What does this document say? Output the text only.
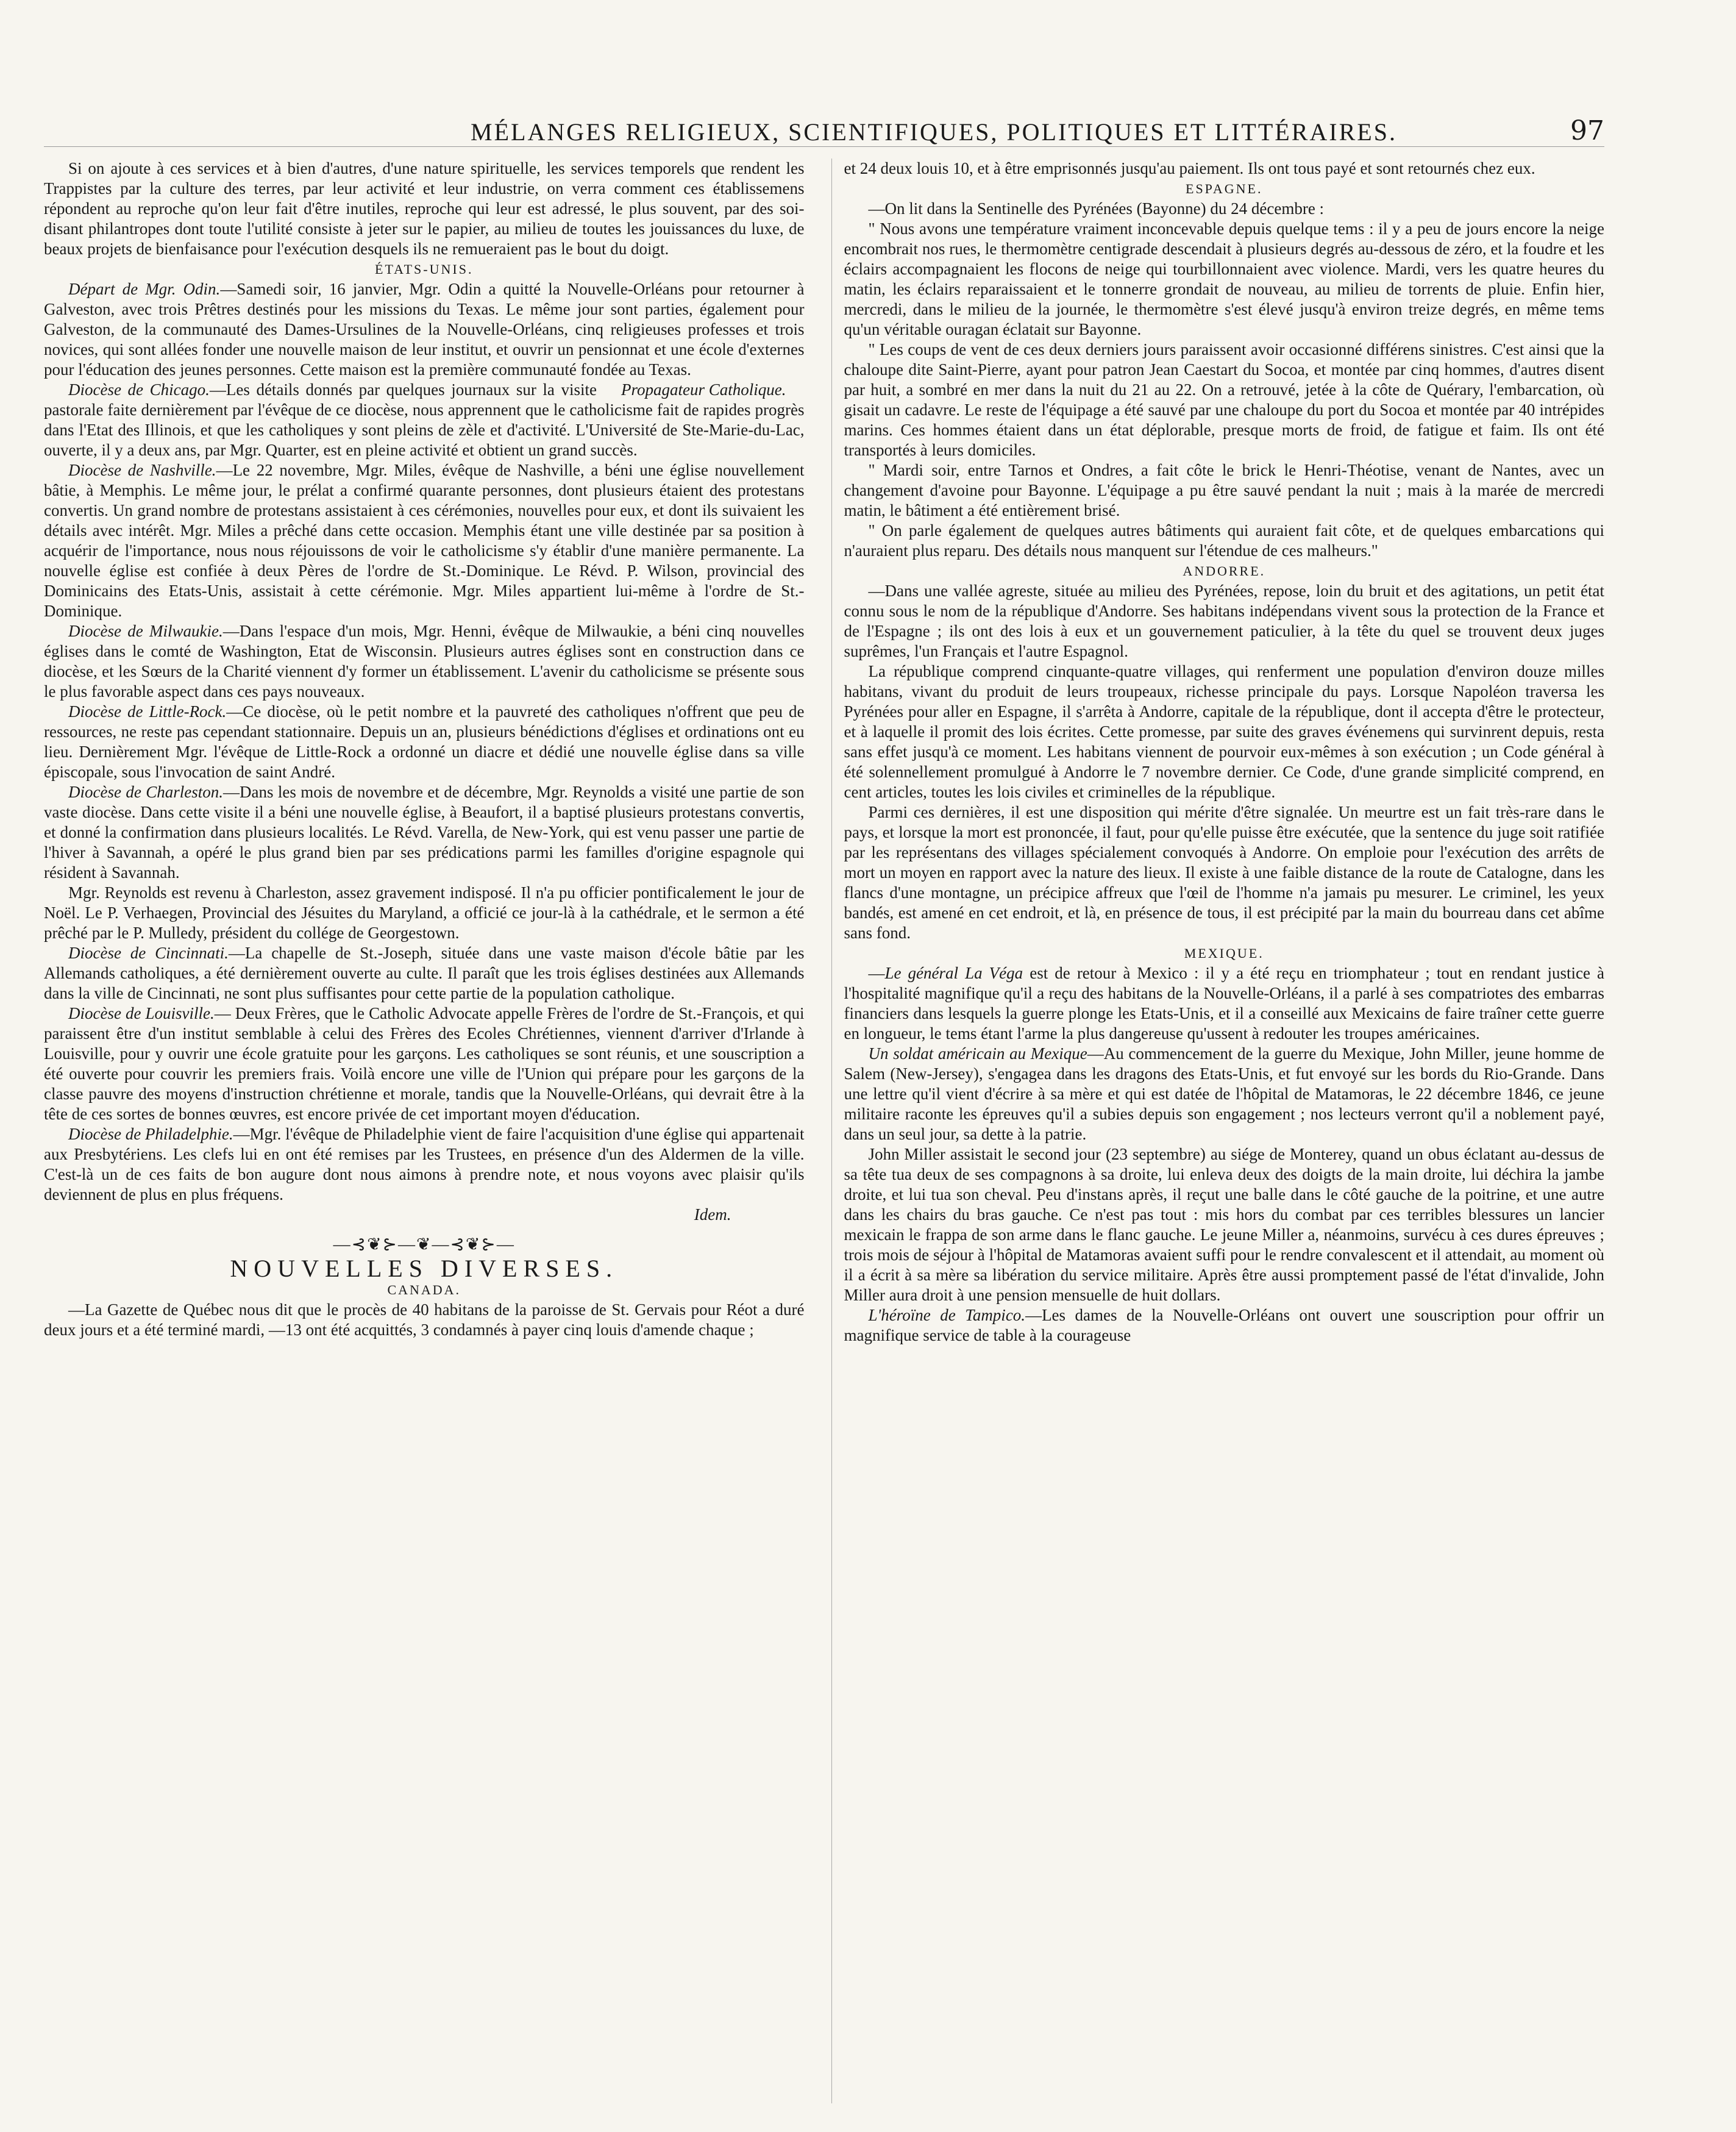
MÉLANGES RELIGIEUX, SCIENTIFIQUES, POLITIQUES ET LITTÉRAIRES.	97

Si on ajoute à ces services et à bien d'autres, d'une nature spirituelle, les services temporels que rendent les Trappistes par la culture des terres, par leur activité et leur industrie, on verra comment ces établissemens répondent au reproche qu'on leur fait d'être inutiles, reproche qui leur est adressé, le plus souvent, par des soi-disant philantropes dont toute l'utilité consiste à jeter sur le papier, au milieu de toutes les jouissances du luxe, de beaux projets de bienfaisance pour l'exécution desquels ils ne remueraient pas le bout du doigt.

ÉTATS-UNIS.

Départ de Mgr. Odin.—Samedi soir, 16 janvier, Mgr. Odin a quitté la Nouvelle-Orléans pour retourner à Galveston, avec trois Prêtres destinés pour les missions du Texas. Le même jour sont parties, également pour Galveston, de la communauté des Dames-Ursulines de la Nouvelle-Orléans, cinq religieuses professes et trois novices, qui sont allées fonder une nouvelle maison de leur institut, et ouvrir un pensionnat et une école d'externes pour l'éducation des jeunes personnes. Cette maison est la première communauté fondée au Texas.
Propagateur Catholique.

Diocèse de Chicago.—Les détails donnés par quelques journaux sur la visite pastorale faite dernièrement par l'évêque de ce diocèse, nous apprennent que le catholicisme fait de rapides progrès dans l'Etat des Illinois, et que les catholiques y sont pleins de zèle et d'activité. L'Université de Ste-Marie-du-Lac, ouverte, il y a deux ans, par Mgr. Quarter, est en pleine activité et obtient un grand succès.

Diocèse de Nashville.—Le 22 novembre, Mgr. Miles, évêque de Nashville, a béni une église nouvellement bâtie, à Memphis. Le même jour, le prélat a confirmé quarante personnes, dont plusieurs étaient des protestans convertis. Un grand nombre de protestans assistaient à ces cérémonies, nouvelles pour eux, et dont ils suivaient les détails avec intérêt. Mgr. Miles a prêché dans cette occasion. Memphis étant une ville destinée par sa position à acquérir de l'importance, nous nous réjouissons de voir le catholicisme s'y établir d'une manière permanente. La nouvelle église est confiée à deux Pères de l'ordre de St.-Dominique. Le Révd. P. Wilson, provincial des Dominicains des Etats-Unis, assistait à cette cérémonie. Mgr. Miles appartient lui-même à l'ordre de St.-Dominique.

Diocèse de Milwaukie.—Dans l'espace d'un mois, Mgr. Henni, évêque de Milwaukie, a béni cinq nouvelles églises dans le comté de Washington, Etat de Wisconsin. Plusieurs autres églises sont en construction dans ce diocèse, et les Sœurs de la Charité viennent d'y former un établissement. L'avenir du catholicisme se présente sous le plus favorable aspect dans ces pays nouveaux.

Diocèse de Little-Rock.—Ce diocèse, où le petit nombre et la pauvreté des catholiques n'offrent que peu de ressources, ne reste pas cependant stationnaire. Depuis un an, plusieurs bénédictions d'églises et ordinations ont eu lieu. Dernièrement Mgr. l'évêque de Little-Rock a ordonné un diacre et dédié une nouvelle église dans sa ville épiscopale, sous l'invocation de saint André.

Diocèse de Charleston.—Dans les mois de novembre et de décembre, Mgr. Reynolds a visité une partie de son vaste diocèse. Dans cette visite il a béni une nouvelle église, à Beaufort, il a baptisé plusieurs protestans convertis, et donné la confirmation dans plusieurs localités. Le Révd. Varella, de New-York, qui est venu passer une partie de l'hiver à Savannah, a opéré le plus grand bien par ses prédications parmi les familles d'origine espagnole qui résident à Savannah.

Mgr. Reynolds est revenu à Charleston, assez gravement indisposé. Il n'a pu officier pontificalement le jour de Noël. Le P. Verhaegen, Provincial des Jésuites du Maryland, a officié ce jour-là à la cathédrale, et le sermon a été prêché par le P. Mulledy, président du collége de Georgestown.

Diocèse de Cincinnati.—La chapelle de St.-Joseph, située dans une vaste maison d'école bâtie par les Allemands catholiques, a été dernièrement ouverte au culte. Il paraît que les trois églises destinées aux Allemands dans la ville de Cincinnati, ne sont plus suffisantes pour cette partie de la population catholique.

Diocèse de Louisville.— Deux Frères, que le Catholic Advocate appelle Frères de l'ordre de St.-François, et qui paraissent être d'un institut semblable à celui des Frères des Ecoles Chrétiennes, viennent d'arriver d'Irlande à Louisville, pour y ouvrir une école gratuite pour les garçons. Les catholiques se sont réunis, et une souscription a été ouverte pour couvrir les premiers frais. Voilà encore une ville de l'Union qui prépare pour les garçons de la classe pauvre des moyens d'instruction chrétienne et morale, tandis que la Nouvelle-Orléans, qui devrait être à la tête de ces sortes de bonnes œuvres, est encore privée de cet important moyen d'éducation.

Diocèse de Philadelphie.—Mgr. l'évêque de Philadelphie vient de faire l'acquisition d'une église qui appartenait aux Presbytériens. Les clefs lui en ont été remises par les Trustees, en présence d'un des Aldermen de la ville. C'est-là un de ces faits de bon augure dont nous aimons à prendre note, et nous voyons avec plaisir qu'ils deviennent de plus en plus fréquens.

Idem.
—⊰❦⊱—❦—⊰❦⊱—
NOUVELLES DIVERSES.

CANADA.

—La Gazette de Québec nous dit que le procès de 40 habitans de la paroisse de St. Gervais pour Réot a duré deux jours et a été terminé mardi, —13 ont été acquittés, 3 condamnés à payer cinq louis d'amende chaque ;

et 24 deux louis 10, et à être emprisonnés jusqu'au paiement. Ils ont tous payé et sont retournés chez eux.

ESPAGNE.

—On lit dans la Sentinelle des Pyrénées (Bayonne) du 24 décembre :

" Nous avons une température vraiment inconcevable depuis quelque tems : il y a peu de jours encore la neige encombrait nos rues, le thermomètre centigrade descendait à plusieurs degrés au-dessous de zéro, et la foudre et les éclairs accompagnaient les flocons de neige qui tourbillonnaient avec violence. Mardi, vers les quatre heures du matin, les éclairs reparaissaient et le tonnerre grondait de nouveau, au milieu de torrents de pluie. Enfin hier, mercredi, dans le milieu de la journée, le thermomètre s'est élevé jusqu'à environ treize degrés, en même tems qu'un véritable ouragan éclatait sur Bayonne.

" Les coups de vent de ces deux derniers jours paraissent avoir occasionné différens sinistres. C'est ainsi que la chaloupe dite Saint-Pierre, ayant pour patron Jean Caestart du Socoa, et montée par cinq hommes, d'autres disent par huit, a sombré en mer dans la nuit du 21 au 22. On a retrouvé, jetée à la côte de Quérary, l'embarcation, où gisait un cadavre. Le reste de l'équipage a été sauvé par une chaloupe du port du Socoa et montée par 40 intrépides marins. Ces hommes étaient dans un état déplorable, presque morts de froid, de fatigue et faim. Ils ont été transportés à leurs domiciles.

" Mardi soir, entre Tarnos et Ondres, a fait côte le brick le Henri-Théotise, venant de Nantes, avec un changement d'avoine pour Bayonne. L'équipage a pu être sauvé pendant la nuit ; mais à la marée de mercredi matin, le bâtiment a été entièrement brisé.

" On parle également de quelques autres bâtiments qui auraient fait côte, et de quelques embarcations qui n'auraient plus reparu. Des détails nous manquent sur l'étendue de ces malheurs."

ANDORRE.

—Dans une vallée agreste, située au milieu des Pyrénées, repose, loin du bruit et des agitations, un petit état connu sous le nom de la république d'Andorre. Ses habitans indépendans vivent sous la protection de la France et de l'Espagne ; ils ont des lois à eux et un gouvernement paticulier, à la tête du quel se trouvent deux juges suprêmes, l'un Français et l'autre Espagnol.

La république comprend cinquante-quatre villages, qui renferment une population d'environ douze milles habitans, vivant du produit de leurs troupeaux, richesse principale du pays. Lorsque Napoléon traversa les Pyrénées pour aller en Espagne, il s'arrêta à Andorre, capitale de la république, dont il accepta d'être le protecteur, et à laquelle il promit des lois écrites. Cette promesse, par suite des graves événemens qui survinrent depuis, resta sans effet jusqu'à ce moment. Les habitans viennent de pourvoir eux-mêmes à son exécution ; un Code général à été solennellement promulgué à Andorre le 7 novembre dernier. Ce Code, d'une grande simplicité comprend, en cent articles, toutes les lois civiles et criminelles de la république.

Parmi ces dernières, il est une disposition qui mérite d'être signalée. Un meurtre est un fait très-rare dans le pays, et lorsque la mort est prononcée, il faut, pour qu'elle puisse être exécutée, que la sentence du juge soit ratifiée par les représentans des villages spécialement convoqués à Andorre. On emploie pour l'exécution des arrêts de mort un moyen en rapport avec la nature des lieux. Il existe à une faible distance de la route de Catalogne, dans les flancs d'une montagne, un précipice affreux que l'œil de l'homme n'a jamais pu mesurer. Le criminel, les yeux bandés, est amené en cet endroit, et là, en présence de tous, il est précipité par la main du bourreau dans cet abîme sans fond.

MEXIQUE.

—Le général La Véga est de retour à Mexico : il y a été reçu en triomphateur ; tout en rendant justice à l'hospitalité magnifique qu'il a reçu des habitans de la Nouvelle-Orléans, il a parlé à ses compatriotes des embarras financiers dans lesquels la guerre plonge les Etats-Unis, et il a conseillé aux Mexicains de faire traîner cette guerre en longueur, le tems étant l'arme la plus dangereuse qu'ussent à redouter les troupes américaines.

Un soldat américain au Mexique—Au commencement de la guerre du Mexique, John Miller, jeune homme de Salem (New-Jersey), s'engagea dans les dragons des Etats-Unis, et fut envoyé sur les bords du Rio-Grande. Dans une lettre qu'il vient d'écrire à sa mère et qui est datée de l'hôpital de Matamoras, le 22 décembre 1846, ce jeune militaire raconte les épreuves qu'il a subies depuis son engagement ; nos lecteurs verront qu'il a noblement payé, dans un seul jour, sa dette à la patrie.

John Miller assistait le second jour (23 septembre) au siége de Monterey, quand un obus éclatant au-dessus de sa tête tua deux de ses compagnons à sa droite, lui enleva deux des doigts de la main droite, lui déchira la jambe droite, et lui tua son cheval. Peu d'instans après, il reçut une balle dans le côté gauche de la poitrine, et une autre dans les chairs du bras gauche. Ce n'est pas tout : mis hors du combat par ces terribles blessures un lancier mexicain le frappa de son arme dans le flanc gauche. Le jeune Miller a, néanmoins, survécu à ces dures épreuves ; trois mois de séjour à l'hôpital de Matamoras avaient suffi pour le rendre convalescent et il attendait, au moment où il a écrit à sa mère sa libération du service militaire. Après être aussi promptement passé de l'état d'invalide, John Miller aura droit à une pension mensuelle de huit dollars.

L'héroïne de Tampico.—Les dames de la Nouvelle-Orléans ont ouvert une souscription pour offrir un magnifique service de table à la courageuse
